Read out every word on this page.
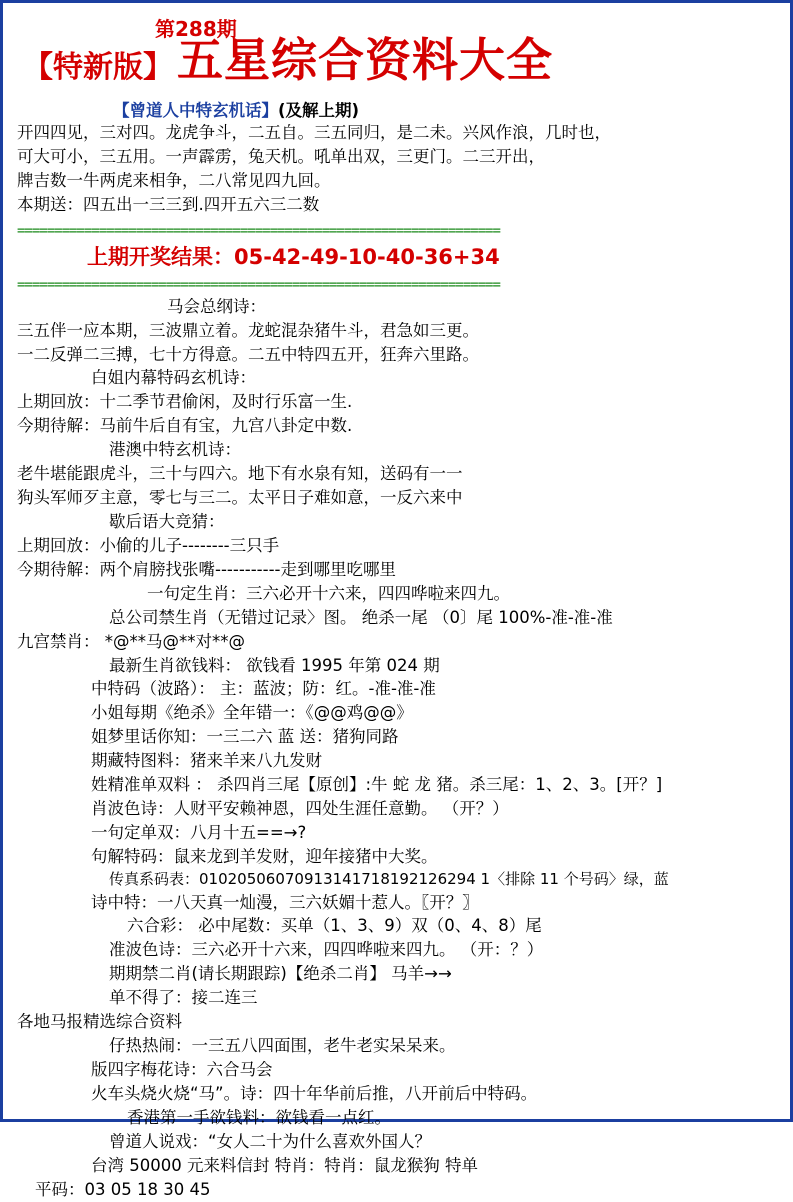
第288期
【特新版】 五星综合资料大全
【曾道人中特玄机话】(及解上期)
开四四见，三对四。龙虎争斗，二五自。三五同归，是二未。兴风作浪，几时也，
可大可小，三五用。一声霹雳，兔天机。吼单出双，三更门。二三开出，
牌吉数一牛两虎来相争，二八常见四九回。
本期送：四五出一三三到.四开五六三二数
=================================================================
上期开奖结果：05-42-49-10-40-36+34
=================================================================
马会总纲诗：
三五伴一应本期，三波鼎立着。龙蛇混杂猪牛斗，君急如三更。
一二反弹二三搏，七十方得意。二五中特四五开，狂奔六里路。
白姐内幕特码玄机诗：
上期回放：十二季节君偷闲，及时行乐富一生.
今期待解：马前牛后自有宝，九宫八卦定中数.
港澳中特玄机诗：
老牛堪能跟虎斗，三十与四六。地下有水泉有知，送码有一一
狗头军师歹主意，零七与三二。太平日子难如意，一反六来中
歇后语大竞猜：
上期回放：小偷的儿子--------三只手
今期待解：两个肩膀找张嘴-----------走到哪里吃哪里
一句定生肖：三六必开十六来，四四哗啦来四九。
总公司禁生肖（无错过记录〉图。 绝杀一尾 （0〕尾 100%-准-准-准
九宫禁肖： *@**马@**对**@
最新生肖欲钱料： 欲钱看 1995 年第 024 期
中特码（波路）： 主：蓝波；防：红。-准-准-准
小姐每期《绝杀》全年错一：《@@鸡@@》
姐梦里话你知：一三二六 蓝 送：猪狗同路
期藏特图料：猪来羊来八九发财
姓精准单双料 ： 杀四肖三尾【原创】:牛 蛇 龙 猪。杀三尾：1、2、3。[开？]
肖波色诗：人财平安赖神恩，四处生涯任意勤。 （开？）
一句定单双：八月十五==→?
句解特码：鼠来龙到羊发财，迎年接猪中大奖。
传真系码表：01020506070913141718192126294 1〈排除 11 个号码〉绿，蓝
诗中特：一八天真一灿漫，三六妖媚十惹人。〖开？〗
六合彩： 必中尾数：买单（1、3、9）双（0、4、8）尾
准波色诗：三六必开十六来，四四哗啦来四九。 （开：？）
期期禁二肖(请长期跟踪)【绝杀二肖】 马羊→→
单不得了：接二连三
各地马报精选综合资料
仔热热闹：一三五八四面围，老牛老实呆呆来。
版四字梅花诗：六合马会
火车头烧火烧“马”。诗：四十年华前后推，八开前后中特码。
香港第一手欲钱料：欲钱看一点红。
曾道人说戏：“女人二十为什么喜欢外国人？
台湾 50000 元来料信封 特肖：特肖：鼠龙猴狗 特单
平码：03 05 18 30 45
